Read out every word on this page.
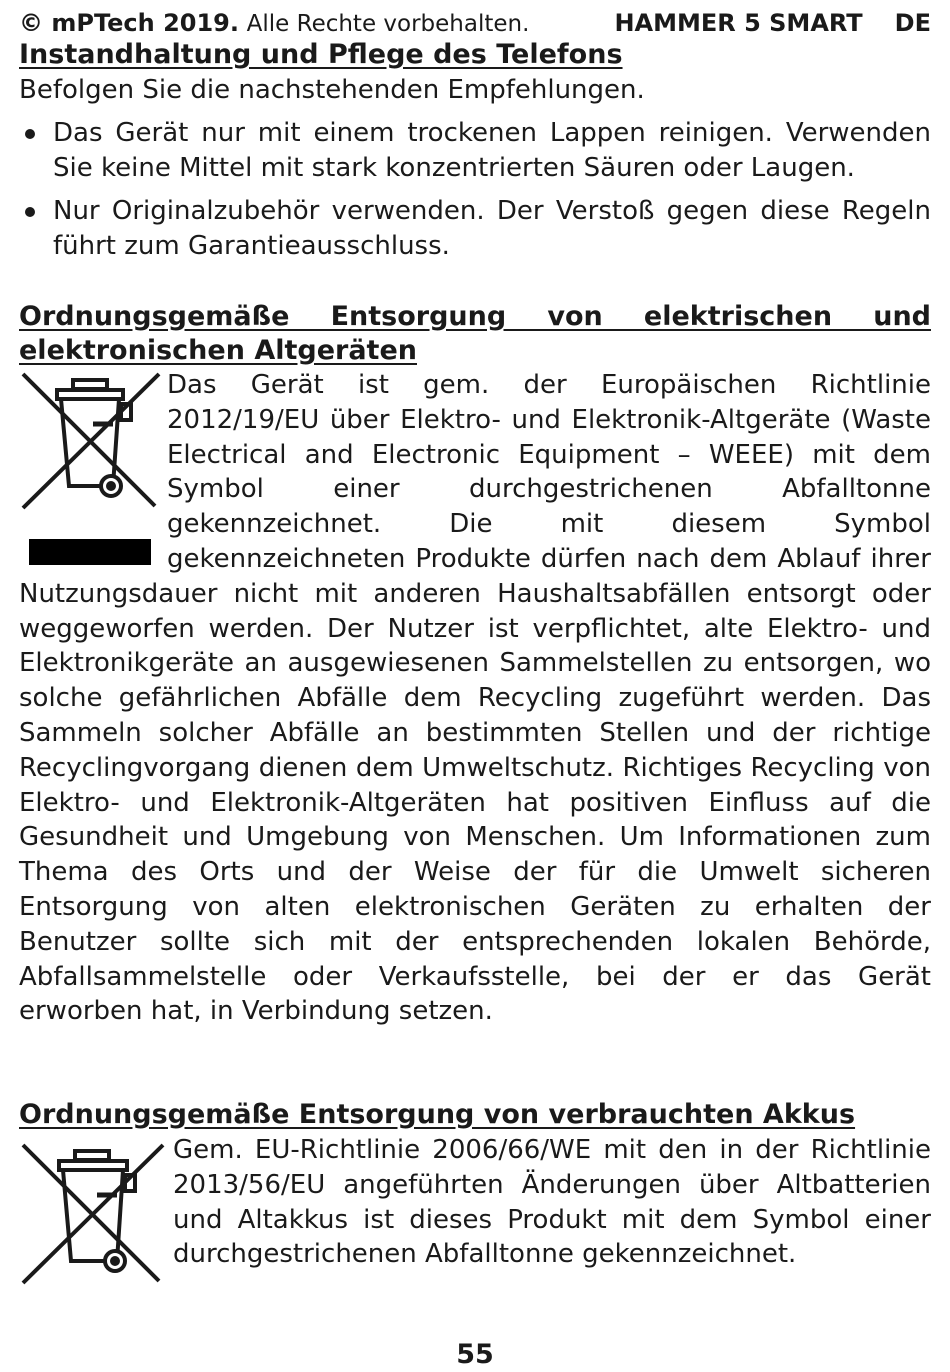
© mPTech 2019. Alle Rechte vorbehalten.	HAMMER 5 SMART DE
Instandhaltung und Pflege des Telefons

Befolgen Sie die nachstehenden Empfehlungen.

Das Gerät nur mit einem trockenen Lappen reinigen. Verwenden Sie keine Mittel mit stark konzentrierten Säuren oder Laugen.
Nur Originalzubehör verwenden. Der Verstoß gegen diese Regeln führt zum Garantieausschluss.
Ordnungsgemäße Entsorgung von elektrischen und elektronischen Altgeräten
Das Gerät ist gem. der Europäischen Richtlinie 2012/19/EU über Elektro- und Elektronik-Altgeräte (Waste Electrical and Electronic Equipment – WEEE) mit dem Symbol einer durchgestrichenen Abfalltonne gekennzeichnet. Die mit diesem Symbol gekennzeichneten Produkte dürfen nach dem Ablauf ihrer Nutzungsdauer nicht mit anderen Haushaltsabfällen entsorgt oder weggeworfen werden. Der Nutzer ist verpflichtet, alte Elektro- und Elektronikgeräte an ausgewiesenen Sammelstellen zu entsorgen, wo solche gefährlichen Abfälle dem Recycling zugeführt werden. Das Sammeln solcher Abfälle an bestimmten Stellen und der richtige Recyclingvorgang dienen dem Umweltschutz. Richtiges Recycling von Elektro- und Elektronik-Altgeräten hat positiven Einfluss auf die Gesundheit und Umgebung von Menschen. Um Informationen zum Thema des Orts und der Weise der für die Umwelt sicheren Entsorgung von alten elektronischen Geräten zu erhalten der Benutzer sollte sich mit der entsprechenden lokalen Behörde, Abfallsammelstelle oder Verkaufsstelle, bei der er das Gerät erworben hat, in Verbindung setzen.
Ordnungsgemäße Entsorgung von verbrauchten Akkus
Gem. EU-Richtlinie 2006/66/WE mit den in der Richtlinie 2013/56/EU angeführten Änderungen über Altbatterien und Altakkus ist dieses Produkt mit dem Symbol einer durchgestrichenen Abfalltonne gekennzeichnet.
55
